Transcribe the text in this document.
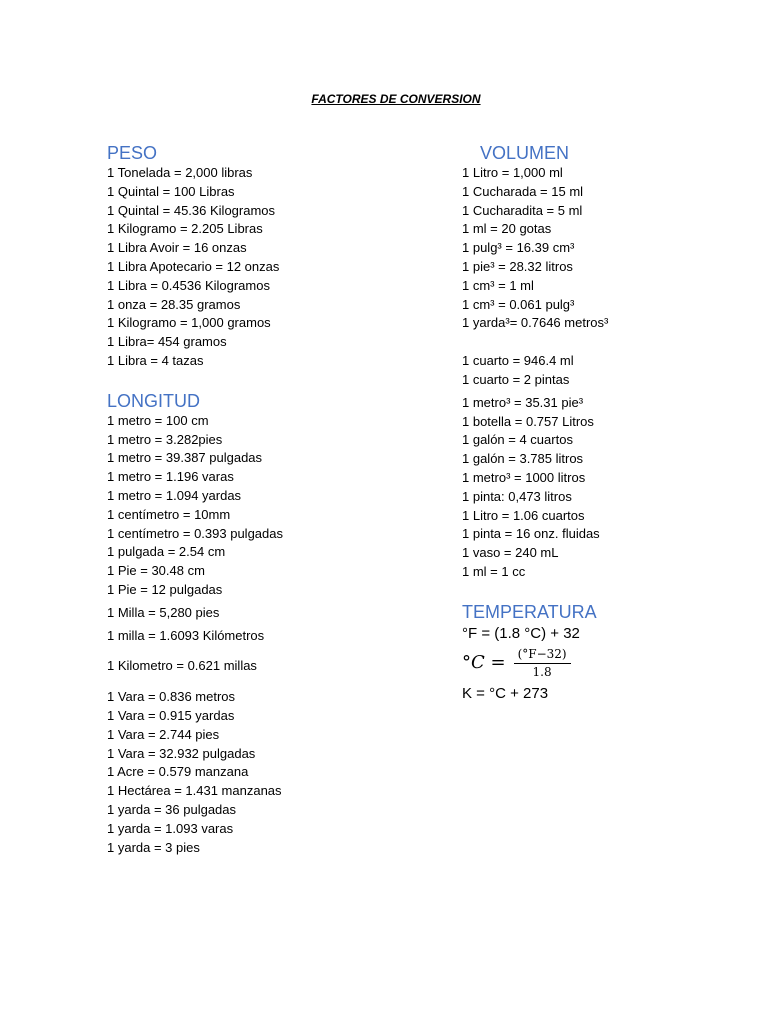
FACTORES DE CONVERSION
PESO
1 Tonelada = 2,000 libras
1 Quintal = 100 Libras
1 Quintal = 45.36 Kilogramos
1 Kilogramo = 2.205 Libras
1 Libra Avoir = 16 onzas
1 Libra Apotecario = 12 onzas
1 Libra = 0.4536 Kilogramos
1 onza = 28.35 gramos
1 Kilogramo = 1,000 gramos
1 Libra= 454 gramos
1 Libra = 4 tazas
LONGITUD
1 metro = 100 cm
1 metro = 3.282pies
1 metro = 39.387 pulgadas
1 metro = 1.196 varas
1 metro = 1.094 yardas
1 centímetro = 10mm
1 centímetro = 0.393 pulgadas
1 pulgada = 2.54 cm
1 Pie = 30.48 cm
1 Pie = 12 pulgadas
1 Milla = 5,280 pies
1 milla = 1.6093 Kilómetros
1 Kilometro = 0.621 millas
1 Vara = 0.836 metros
1 Vara = 0.915 yardas
1 Vara = 2.744 pies
1 Vara = 32.932 pulgadas
1 Acre = 0.579 manzana
1 Hectárea = 1.431 manzanas
1 yarda = 36 pulgadas
1 yarda = 1.093 varas
1 yarda = 3 pies
VOLUMEN
1 Litro = 1,000 ml
1 Cucharada = 15 ml
1 Cucharadita = 5 ml
1 ml = 20 gotas
1 pulg³ = 16.39 cm³
1 pie³ = 28.32 litros
1 cm³ = 1 ml
1 cm³ = 0.061 pulg³
1 yarda³= 0.7646 metros³
1 cuarto = 946.4 ml
1 cuarto = 2 pintas
1 metro³ = 35.31 pie³
1 botella = 0.757 Litros
1 galón = 4 cuartos
1 galón = 3.785 litros
1 metro³ = 1000 litros
1 pinta: 0,473 litros
1 Litro = 1.06 cuartos
1 pinta = 16 onz. fluidas
1 vaso = 240 mL
1 ml = 1 cc
TEMPERATURA
°F = (1.8 °C) + 32
$^\circ C = \frac{(^\circ F-32)}{1.8}$
K = °C + 273
